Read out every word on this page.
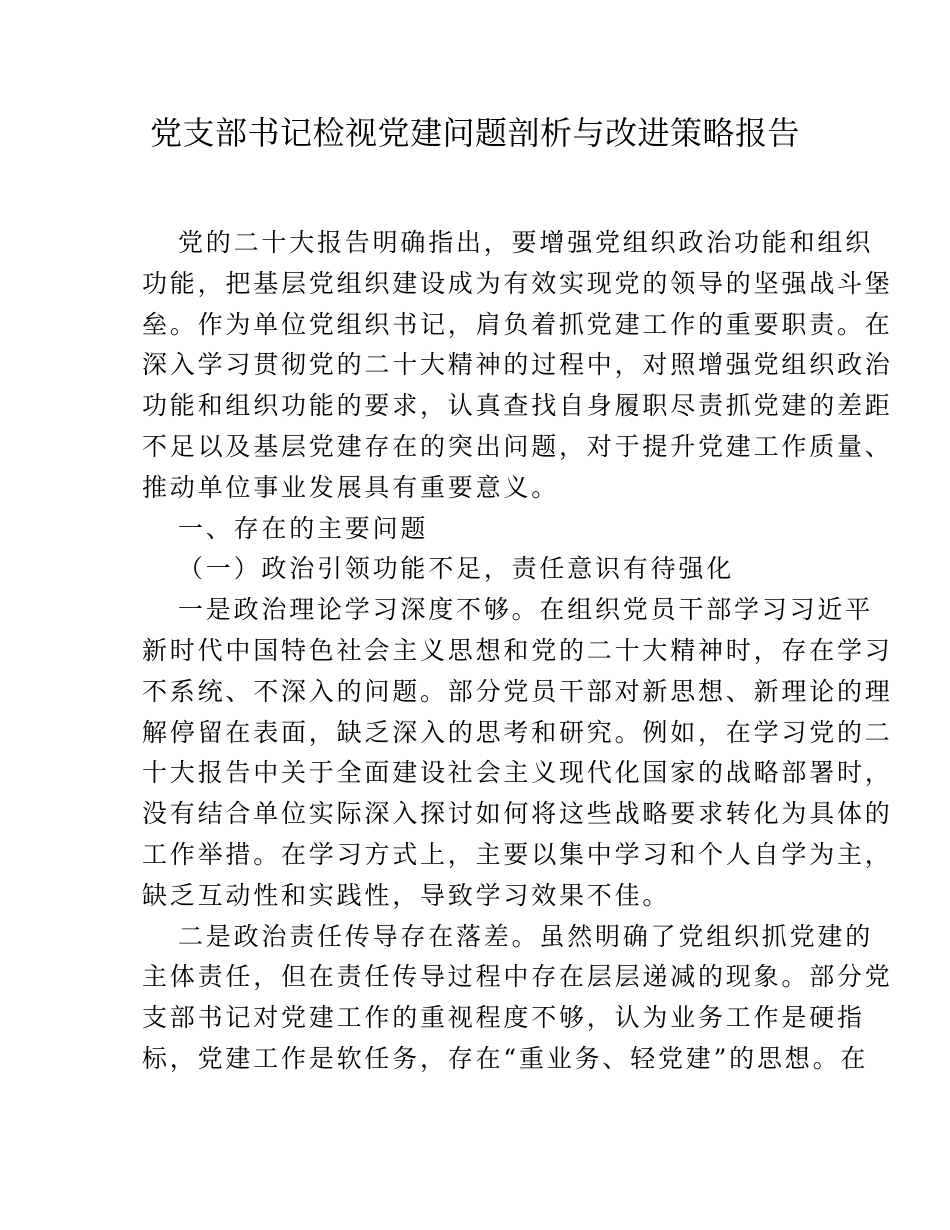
党支部书记检视党建问题剖析与改进策略报告
党的二十大报告明确指出，要增强党组织政治功能和组织
功能，把基层党组织建设成为有效实现党的领导的坚强战斗堡
垒。作为单位党组织书记，肩负着抓党建工作的重要职责。在
深入学习贯彻党的二十大精神的过程中，对照增强党组织政治
功能和组织功能的要求，认真查找自身履职尽责抓党建的差距
不足以及基层党建存在的突出问题，对于提升党建工作质量、
推动单位事业发展具有重要意义。
一、存在的主要问题
（一）政治引领功能不足，责任意识有待强化
一是政治理论学习深度不够。在组织党员干部学习习近平
新时代中国特色社会主义思想和党的二十大精神时，存在学习
不系统、不深入的问题。部分党员干部对新思想、新理论的理
解停留在表面，缺乏深入的思考和研究。例如，在学习党的二
十大报告中关于全面建设社会主义现代化国家的战略部署时，
没有结合单位实际深入探讨如何将这些战略要求转化为具体的
工作举措。在学习方式上，主要以集中学习和个人自学为主，
缺乏互动性和实践性，导致学习效果不佳。
二是政治责任传导存在落差。虽然明确了党组织抓党建的
主体责任，但在责任传导过程中存在层层递减的现象。部分党
支部书记对党建工作的重视程度不够，认为业务工作是硬指
标，党建工作是软任务，存在“重业务、轻党建”的思想。在
